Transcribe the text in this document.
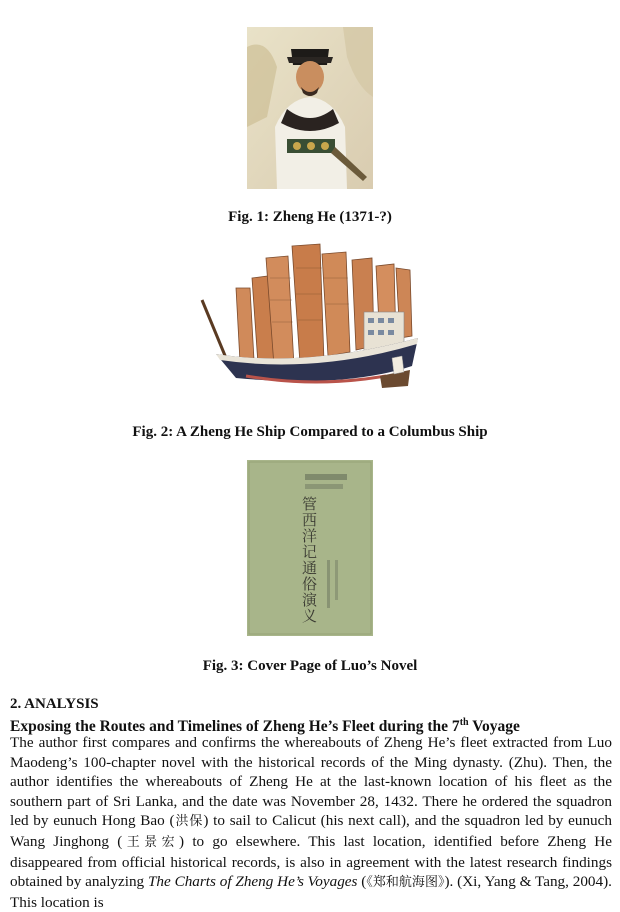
Fig. 1: Zheng He (1371-?)
Fig. 2: A Zheng He Ship Compared to a Columbus Ship
管西洋记通俗演义
Fig. 3: Cover Page of Luo’s Novel
2. ANALYSIS
Exposing the Routes and Timelines of Zheng He’s Fleet during the 7th Voyage

The author first compares and confirms the whereabouts of Zheng He’s fleet extracted from Luo Maodeng’s 100-chapter novel with the historical records of the Ming dynasty. (Zhu). Then, the author identifies the whereabouts of Zheng He at the last-known location of his fleet as the southern part of Sri Lanka, and the date was November 28, 1432. There he ordered the squadron led by eunuch Hong Bao (洪保) to sail to Calicut (his next call), and the squadron led by eunuch Wang Jinghong (王景宏) to go elsewhere. This last location, identified before Zheng He disappeared from official historical records, is also in agreement with the latest research findings obtained by analyzing The Charts of Zheng He’s Voyages (《郑和航海图》). (Xi, Yang & Tang, 2004). This location is
